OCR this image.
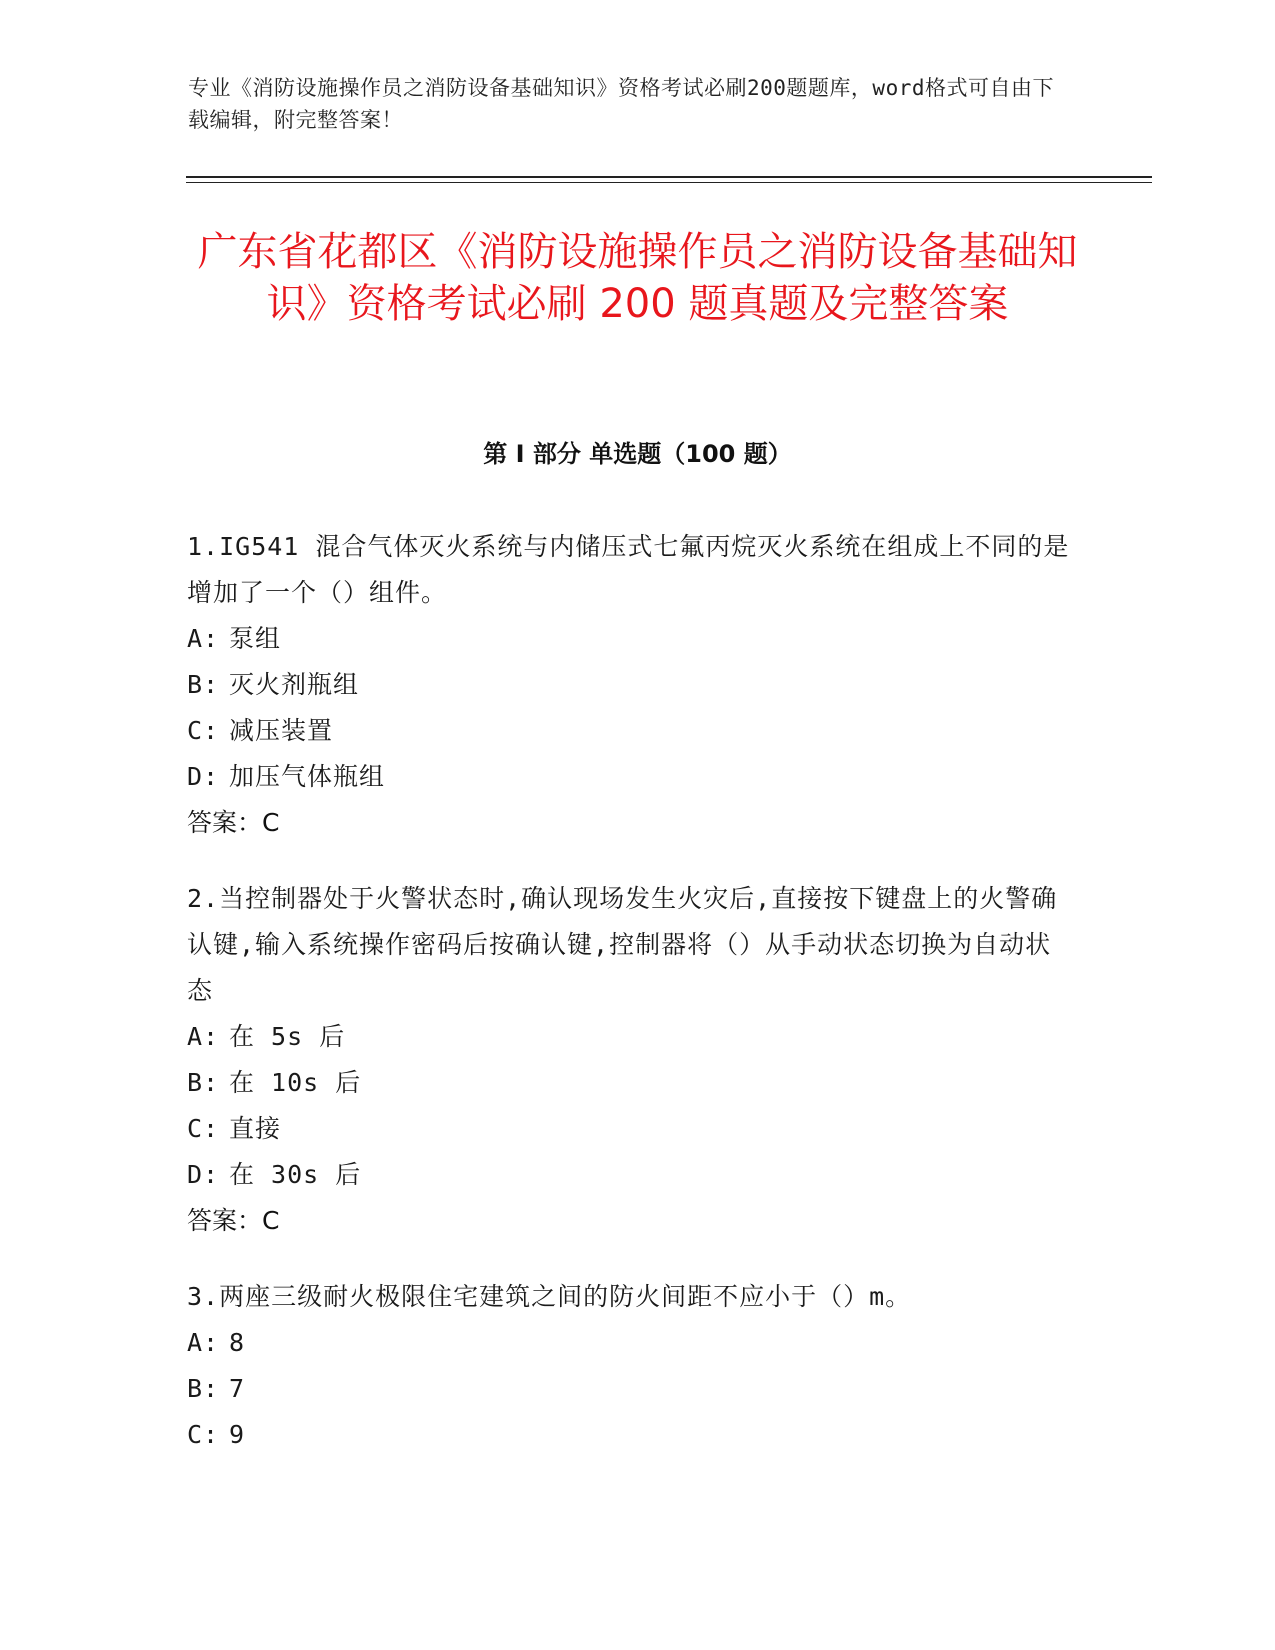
专业《消防设施操作员之消防设备基础知识》资格考试必刷200题题库，word格式可自由下载编辑，附完整答案！
广东省花都区《消防设施操作员之消防设备基础知识》资格考试必刷 200 题真题及完整答案
第 I 部分 单选题（100 题）

1.IG541 混合气体灭火系统与内储压式七氟丙烷灭火系统在组成上不同的是增加了一个（）组件。

A: 泵组

B: 灭火剂瓶组

C: 减压装置

D: 加压气体瓶组

答案：C

2.当控制器处于火警状态时,确认现场发生火灾后,直接按下键盘上的火警确认键,输入系统操作密码后按确认键,控制器将（）从手动状态切换为自动状态

A: 在 5s 后

B: 在 10s 后

C: 直接

D: 在 30s 后

答案：C

3.两座三级耐火极限住宅建筑之间的防火间距不应小于（）m。

A: 8

B: 7

C: 9
